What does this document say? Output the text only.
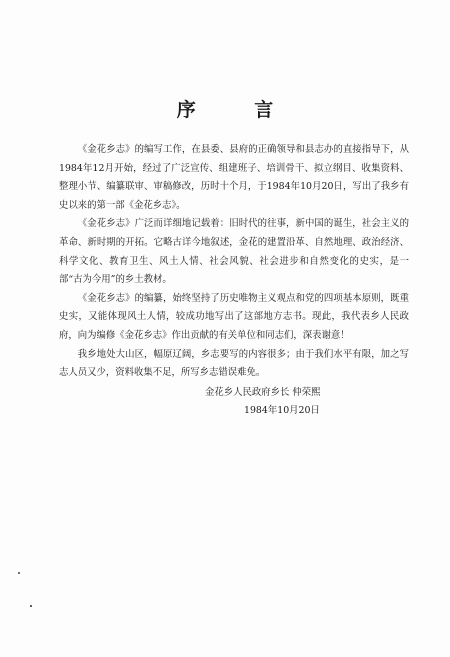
序 言

《金花乡志》的编写工作，在县委、县府的正确领导和县志办的直接指导下，从1984年12月开始，经过了广泛宣传、组建班子、培训骨干、拟立纲目、收集资料、整理小节、编纂联审、审稿修改，历时十个月，于1984年10月20日，写出了我乡有史以来的第一部《金花乡志》。

《金花乡志》广泛而详细地记载着：旧时代的往事，新中国的诞生，社会主义的革命、新时期的开拓。它略古详今地叙述，金花的建置沿革、自然地理、政治经济、科学文化、教育卫生、风土人情、社会风貌、社会进步和自然变化的史实，是一部“古为今用”的乡土教材。

《金花乡志》的编纂，始终坚持了历史唯物主义观点和党的四项基本原则，既重史实，又能体现风土人情，较成功地写出了这部地方志书。现此，我代表乡人民政府，向为编修《金花乡志》作出贡献的有关单位和同志们，深表谢意！

我乡地处大山区，幅原辽阔，乡志要写的内容很多；由于我们水平有限，加之写志人员又少，资料收集不足，所写乡志错误难免。

金花乡人民政府乡长 仲荣熙
1984年10月20日
